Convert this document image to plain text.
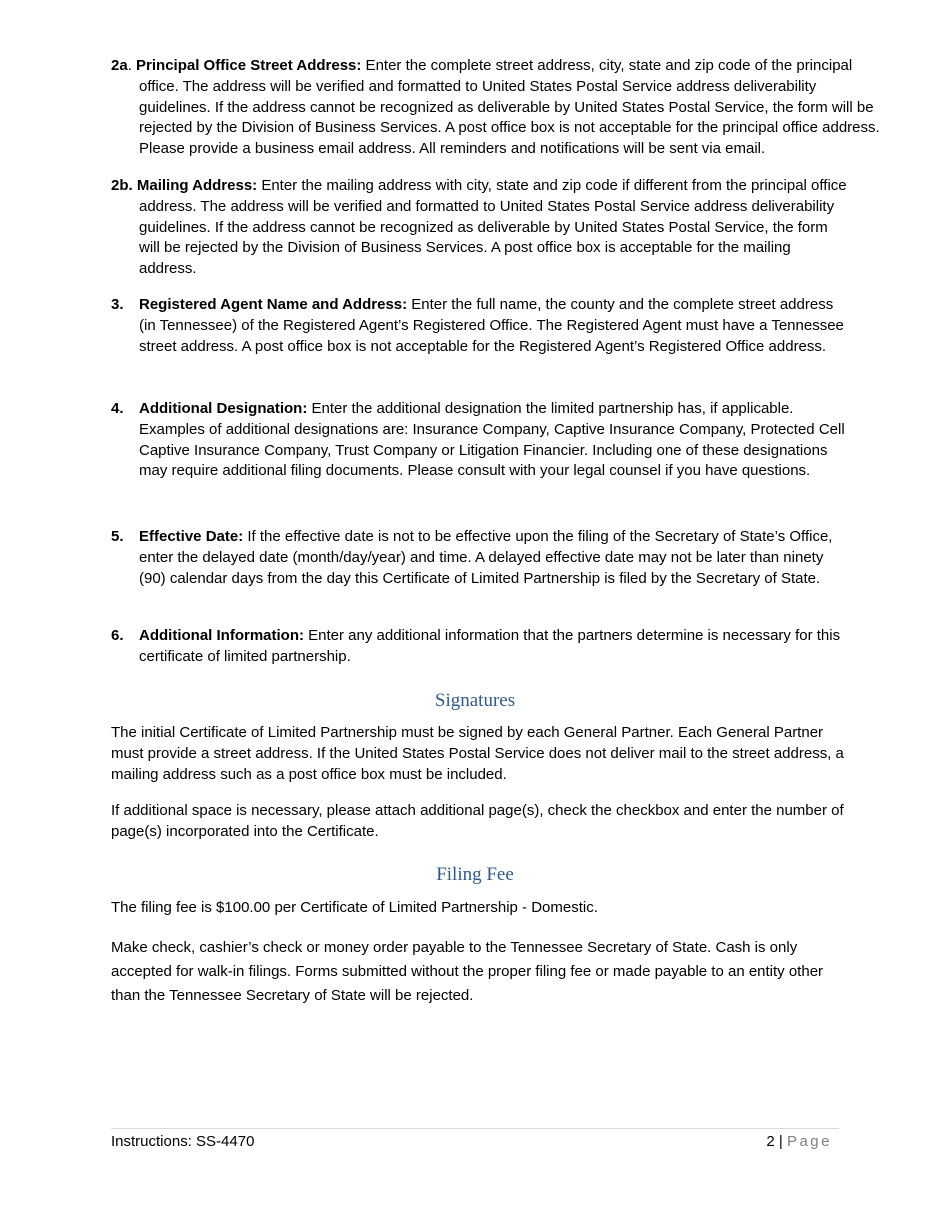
2a. Principal Office Street Address: Enter the complete street address, city, state and zip code of the principal office. The address will be verified and formatted to United States Postal Service address deliverability guidelines. If the address cannot be recognized as deliverable by United States Postal Service, the form will be rejected by the Division of Business Services. A post office box is not acceptable for the principal office address. Please provide a business email address. All reminders and notifications will be sent via email.
2b. Mailing Address: Enter the mailing address with city, state and zip code if different from the principal office address. The address will be verified and formatted to United States Postal Service address deliverability guidelines. If the address cannot be recognized as deliverable by United States Postal Service, the form will be rejected by the Division of Business Services. A post office box is acceptable for the mailing address.
3. Registered Agent Name and Address: Enter the full name, the county and the complete street address (in Tennessee) of the Registered Agent’s Registered Office. The Registered Agent must have a Tennessee street address. A post office box is not acceptable for the Registered Agent’s Registered Office address.
4. Additional Designation: Enter the additional designation the limited partnership has, if applicable. Examples of additional designations are: Insurance Company, Captive Insurance Company, Protected Cell Captive Insurance Company, Trust Company or Litigation Financier. Including one of these designations may require additional filing documents. Please consult with your legal counsel if you have questions.
5. Effective Date: If the effective date is not to be effective upon the filing of the Secretary of State’s Office, enter the delayed date (month/day/year) and time. A delayed effective date may not be later than ninety (90) calendar days from the day this Certificate of Limited Partnership is filed by the Secretary of State.
6. Additional Information: Enter any additional information that the partners determine is necessary for this certificate of limited partnership.
Signatures
The initial Certificate of Limited Partnership must be signed by each General Partner. Each General Partner must provide a street address. If the United States Postal Service does not deliver mail to the street address, a mailing address such as a post office box must be included.
If additional space is necessary, please attach additional page(s), check the checkbox and enter the number of page(s) incorporated into the Certificate.
Filing Fee
The filing fee is $100.00 per Certificate of Limited Partnership - Domestic.
Make check, cashier’s check or money order payable to the Tennessee Secretary of State. Cash is only accepted for walk-in filings. Forms submitted without the proper filing fee or made payable to an entity other than the Tennessee Secretary of State will be rejected.
Instructions: SS-4470	2 | Page
